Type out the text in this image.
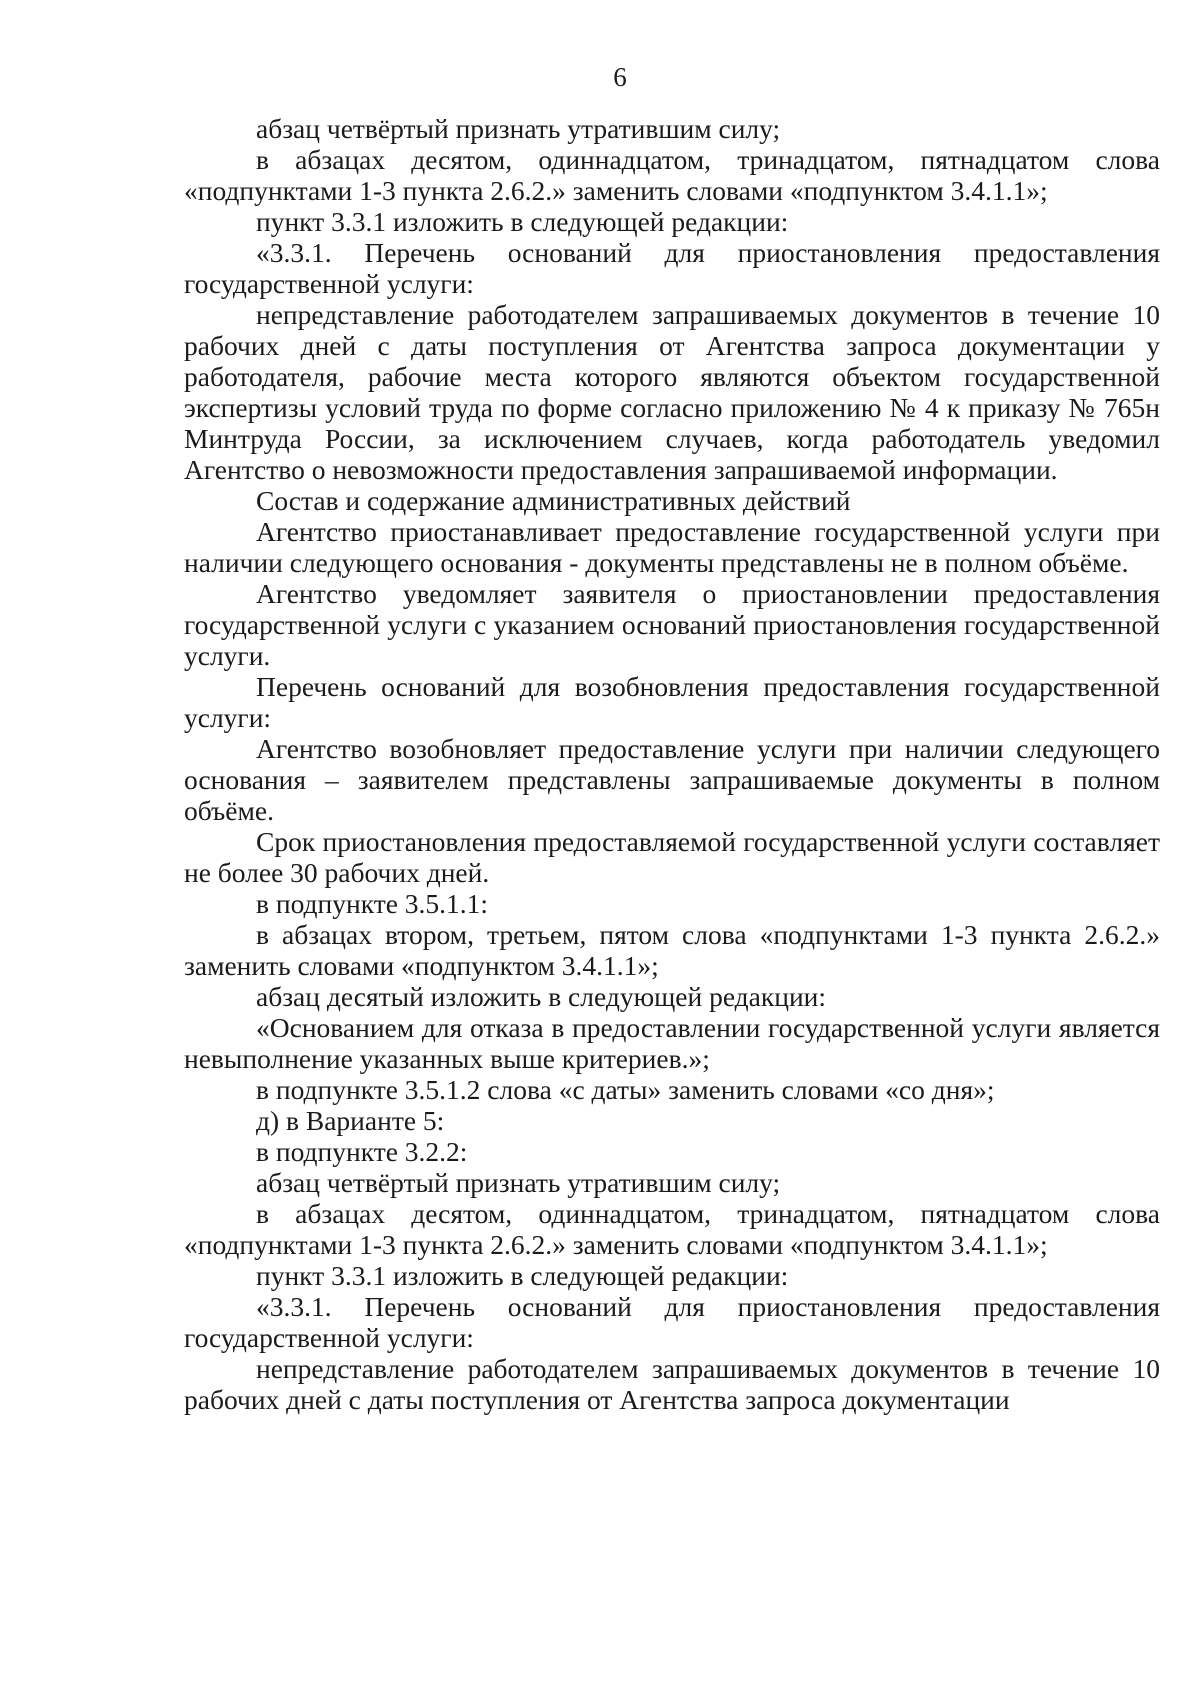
6

абзац четвёртый признать утратившим силу;

в абзацах десятом, одиннадцатом, тринадцатом, пятнадцатом слова «подпунктами 1-3 пункта 2.6.2.» заменить словами «подпунктом 3.4.1.1»;

пункт 3.3.1 изложить в следующей редакции:

«3.3.1. Перечень оснований для приостановления предоставления государственной услуги:

непредставление работодателем запрашиваемых документов в течение 10 рабочих дней с даты поступления от Агентства запроса документации у работодателя, рабочие места которого являются объектом государственной экспертизы условий труда по форме согласно приложению № 4 к приказу № 765н Минтруда России, за исключением случаев, когда работодатель уведомил Агентство о невозможности предоставления запрашиваемой информации.

Состав и содержание административных действий

Агентство приостанавливает предоставление государственной услуги при наличии следующего основания - документы представлены не в полном объёме.

Агентство уведомляет заявителя о приостановлении предоставления государственной услуги с указанием оснований приостановления государственной услуги.

Перечень оснований для возобновления предоставления государственной услуги:

Агентство возобновляет предоставление услуги при наличии следующего основания – заявителем представлены запрашиваемые документы в полном объёме.

Срок приостановления предоставляемой государственной услуги составляет не более 30 рабочих дней.

в подпункте 3.5.1.1:

в абзацах втором, третьем, пятом слова «подпунктами 1-3 пункта 2.6.2.» заменить словами «подпунктом 3.4.1.1»;

абзац десятый изложить в следующей редакции:

«Основанием для отказа в предоставлении государственной услуги является невыполнение указанных выше критериев.»;

в подпункте 3.5.1.2 слова «с даты» заменить словами «со дня»;

д) в Варианте 5:

в подпункте 3.2.2:

абзац четвёртый признать утратившим силу;

в абзацах десятом, одиннадцатом, тринадцатом, пятнадцатом слова «подпунктами 1-3 пункта 2.6.2.» заменить словами «подпунктом 3.4.1.1»;

пункт 3.3.1 изложить в следующей редакции:

«3.3.1. Перечень оснований для приостановления предоставления государственной услуги:

непредставление работодателем запрашиваемых документов в течение 10 рабочих дней с даты поступления от Агентства запроса документации
